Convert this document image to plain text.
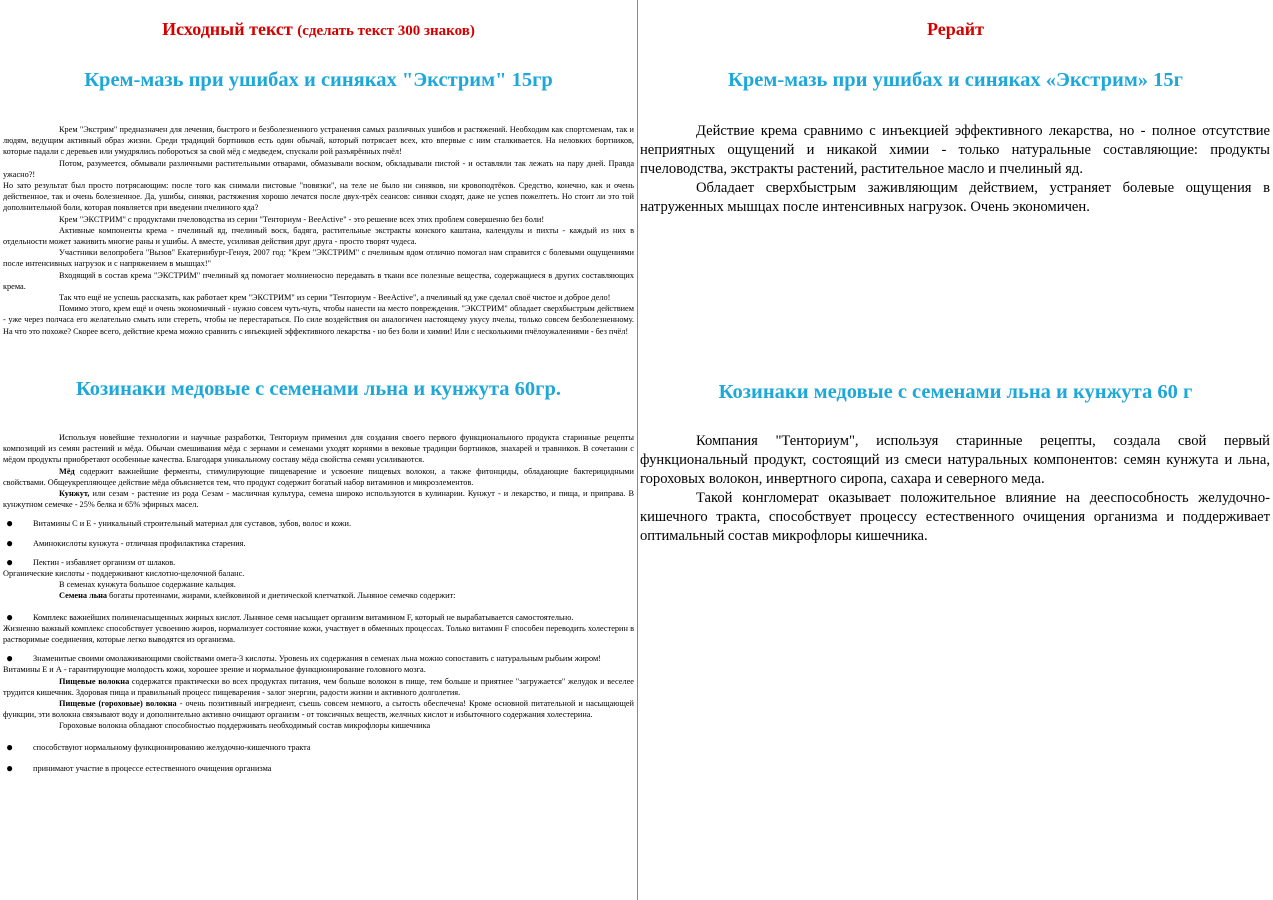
Исходный текст (сделать текст 300 знаков)
Крем-мазь при ушибах и синяках "Экстрим" 15гр

Крем "Экстрим" предназначен для лечения, быстрого и безболезненного устранения самых различных ушибов и растяжений. Необходим как спортсменам, так и людям, ведущим активный образ жизни. Среди традиций бортников есть один обычай, который потрясает всех, кто впервые с ним сталкивается. На неловких бортников, которые падали с деревьев или умудрялись побороться за свой мёд с медведем, спускали рой разъярённых пчёл!

Потом, разумеется, обмывали различными растительными отварами, обмазывали воском, обкладывали пистой - и оставляли так лежать на пару дней. Правда ужасно?!

Но зато результат был просто потрясающим: после того как снимали пистовые "повязки", на теле не было ни синяков, ни кровоподтёков. Средство, конечно, как и очень действенное, так и очень болезненное. Да, ушибы, синяки, растяжения хорошо лечатся после двух-трёх сеансов: синяки сходят, даже не успев пожелтеть. Но стоит ли это той дополнительной боли, которая появляется при введении пчелиного яда?

Крем "ЭКСТРИМ" с продуктами пчеловодства из серии "Тенториум - BeeActive" - это решение всех этих проблем совершенно без боли!

Активные компоненты крема - пчелиный яд, пчелиный воск, бадяга, растительные экстракты конского каштана, календулы и пихты - каждый из них в отдельности может заживить многие раны и ушибы. А вместе, усиливая действия друг друга - просто творят чудеса.

Участники велопробега "Вызов" Екатеринбург-Генуя, 2007 год: "Крем "ЭКСТРИМ" с пчелиным ядом отлично помогал нам справится с болевыми ощущениями после интенсивных нагрузок и с напряжением в мышцах!"

Входящий в состав крема "ЭКСТРИМ" пчелиный яд помогает молниеносно передавать в ткани все полезные вещества, содержащиеся в других составляющих крема.

Так что ещё не успешь рассказать, как работает крем "ЭКСТРИМ" из серии "Тенториум - BeeActive", а пчелиный яд уже сделал своё чистое и доброе дело!

Помимо этого, крем ещё и очень экономичный - нужно совсем чуть-чуть, чтобы нанести на место повреждения. "ЭКСТРИМ" обладает сверхбыстрым действием - уже через полчаса его желательно смыть или стереть, чтобы не перестараться. По силе воздействия он аналогичен настоящему укусу пчелы, только совсем безболезненному. На что это похоже? Скорее всего, действие крема можно сравнить с инъекцией эффективного лекарства - но без боли и химии! Или с несколькими пчёлоужалениями - без пчёл!

Козинаки медовые с семенами льна и кунжута 60гр.

Используя новейшие технологии и научные разработки, Тенториум применил для создания своего первого функционального продукта старинные рецепты композиций из семян растений и мёда. Обычаи смешивания мёда с зернами и семенами уходят корнями в вековые традиции бортников, знахарей и травников. В сочетании с мёдом продукты приобретают особенные качества. Благодаря уникальному составу мёда свойства семян усиливаются.

Мёд содержит важнейшие ферменты, стимулирующие пищеварение и усвоение пищевых волокон, а также фитонциды, обладающие бактерицидными свойствами. Общеукрепляющее действие мёда объясняется тем, что продукт содержит богатый набор витаминов и микроэлементов.

Кунжут, или сезам - растение из рода Сезам - масличная культура, семена широко используются в кулинарии. Кунжут - и лекарство, и пища, и приправа. В кунжутном семечке - 25% белка и 65% эфирных масел.

● Витамины С и Е - уникальный строительный материал для суставов, зубов, волос и кожи.
● Аминокислоты кунжута - отличная профилактика старения.
● Пектин - избавляет организм от шлаков.

Органические кислоты - поддерживают кислотно-щелочной баланс.

В семенах кунжута большое содержание кальция.

Семена льна богаты протеинами, жирами, клейковиной и диетической клетчаткой. Льняное семечко содержит:

● Комплекс важнейших полиненасыщенных жирных кислот. Льняное семя насыщает организм витамином F, который не вырабатывается самостоятельно.

Жизненно важный комплекс способствует усвоению жиров, нормализует состояние кожи, участвует в обменных процессах. Только витамин F способен переводить холестерин в растворимые соединения, которые легко выводятся из организма.

● Знаменитые своими омолаживающими свойствами омега-3 кислоты. Уровень их содержания в семенах льна можно сопоставить с натуральным рыбьим жиром!

Витамины Е и А - гарантирующие молодость кожи, хорошее зрение и нормальное функционирование головного мозга.

Пищевые волокна содержатся практически во всех продуктах питания, чем больше волокон в пище, тем больше и приятнее "загружается" желудок и веселее трудится кишечник. Здоровая пища и правильный процесс пищеварения - залог энергии, радости жизни и активного долголетия.

Пищевые (гороховые) волокна - очень позитивный ингредиент, съешь совсем немного, а сытость обеспечена! Кроме основной питательной и насыщающей функции, эти волокна связывают воду и дополнительно активно очищают организм - от токсичных веществ, желчных кислот и избыточного содержания холестерина.

Гороховые волокна обладают способностью поддерживать необходимый состав микрофлоры кишечника

● способствуют нормальному функционированию желудочно-кишечного тракта
● принимают участие в процессе естественного очищения организма
Рерайт
Крем-мазь при ушибах и синяках «Экстрим» 15г

Действие крема сравнимо с инъекцией эффективного лекарства, но - полное отсутствие неприятных ощущений и никакой химии - только натуральные составляющие: продукты пчеловодства, экстракты растений, растительное масло и пчелиный яд.

Обладает сверхбыстрым заживляющим действием, устраняет болевые ощущения в натруженных мышцах после интенсивных нагрузок. Очень экономичен.

Козинаки медовые с семенами льна и кунжута 60 г

Компания "Тенториум", используя старинные рецепты, создала свой первый функциональный продукт, состоящий из смеси натуральных компонентов: семян кунжута и льна, гороховых волокон, инвертного сиропа, сахара и северного меда.

Такой конгломерат оказывает положительное влияние на дееспособность желудочно-кишечного тракта, способствует процессу естественного очищения организма и поддерживает оптимальный состав микрофлоры кишечника.
